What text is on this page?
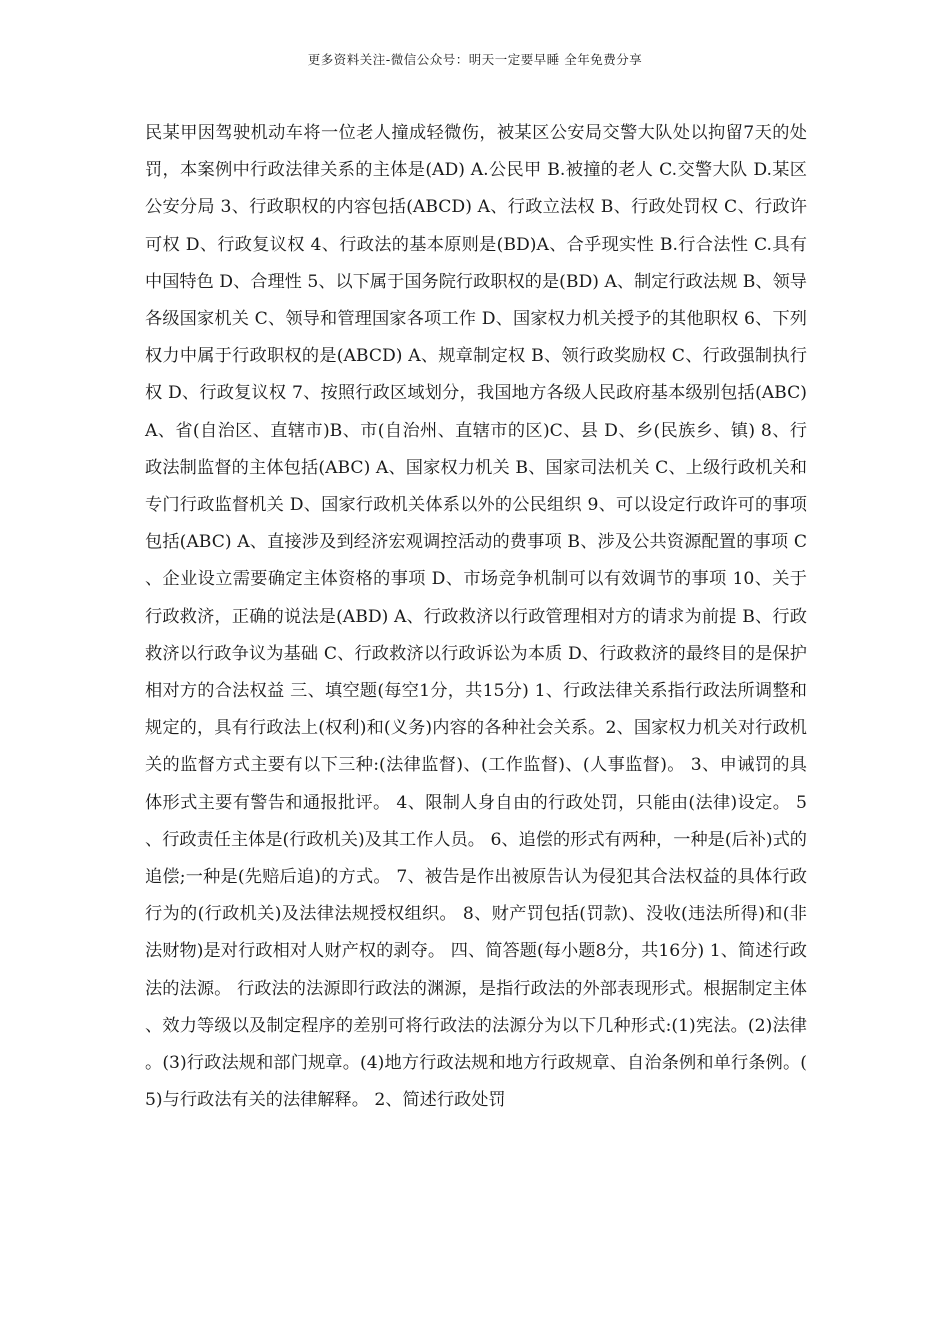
更多资料关注-微信公众号：明天一定要早睡 全年免费分享

民某甲因驾驶机动车将一位老人撞成轻微伤，被某区公安局交警大队处以拘留7天的处罚，本案例中行政法律关系的主体是(AD) A.公民甲 B.被撞的老人 C.交警大队 D.某区公安分局 3、行政职权的内容包括(ABCD) A、行政立法权 B、行政处罚权 C、行政许可权 D、行政复议权 4、行政法的基本原则是(BD)A、合乎现实性 B.行合法性 C.具有中国特色 D、合理性 5、以下属于国务院行政职权的是(BD) A、制定行政法规 B、领导各级国家机关 C、领导和管理国家各项工作 D、国家权力机关授予的其他职权 6、下列权力中属于行政职权的是(ABCD) A、规章制定权 B、领行政奖励权 C、行政强制执行权 D、行政复议权 7、按照行政区域划分，我国地方各级人民政府基本级别包括(ABC) A、省(自治区、直辖市)B、市(自治州、直辖市的区)C、县 D、乡(民族乡、镇) 8、行政法制监督的主体包括(ABC) A、国家权力机关 B、国家司法机关 C、上级行政机关和专门行政监督机关 D、国家行政机关体系以外的公民组织 9、可以设定行政许可的事项包括(ABC) A、直接涉及到经济宏观调控活动的费事项 B、涉及公共资源配置的事项 C、企业设立需要确定主体资格的事项 D、市场竞争机制可以有效调节的事项 10、关于行政救济，正确的说法是(ABD) A、行政救济以行政管理相对方的请求为前提 B、行政救济以行政争议为基础 C、行政救济以行政诉讼为本质 D、行政救济的最终目的是保护相对方的合法权益 三、填空题(每空1分，共15分) 1、行政法律关系指行政法所调整和规定的，具有行政法上(权利)和(义务)内容的各种社会关系。2、国家权力机关对行政机关的监督方式主要有以下三种:(法律监督)、(工作监督)、(人事监督)。 3、申诫罚的具体形式主要有警告和通报批评。 4、限制人身自由的行政处罚，只能由(法律)设定。 5、行政责任主体是(行政机关)及其工作人员。 6、追偿的形式有两种，一种是(后补)式的追偿;一种是(先赔后追)的方式。 7、被告是作出被原告认为侵犯其合法权益的具体行政行为的(行政机关)及法律法规授权组织。 8、财产罚包括(罚款)、没收(违法所得)和(非法财物)是对行政相对人财产权的剥夺。 四、简答题(每小题8分，共16分) 1、简述行政法的法源。 行政法的法源即行政法的渊源，是指行政法的外部表现形式。根据制定主体、效力等级以及制定程序的差别可将行政法的法源分为以下几种形式:(1)宪法。(2)法律。(3)行政法规和部门规章。(4)地方行政法规和地方行政规章、自治条例和单行条例。(5)与行政法有关的法律解释。 2、简述行政处罚
